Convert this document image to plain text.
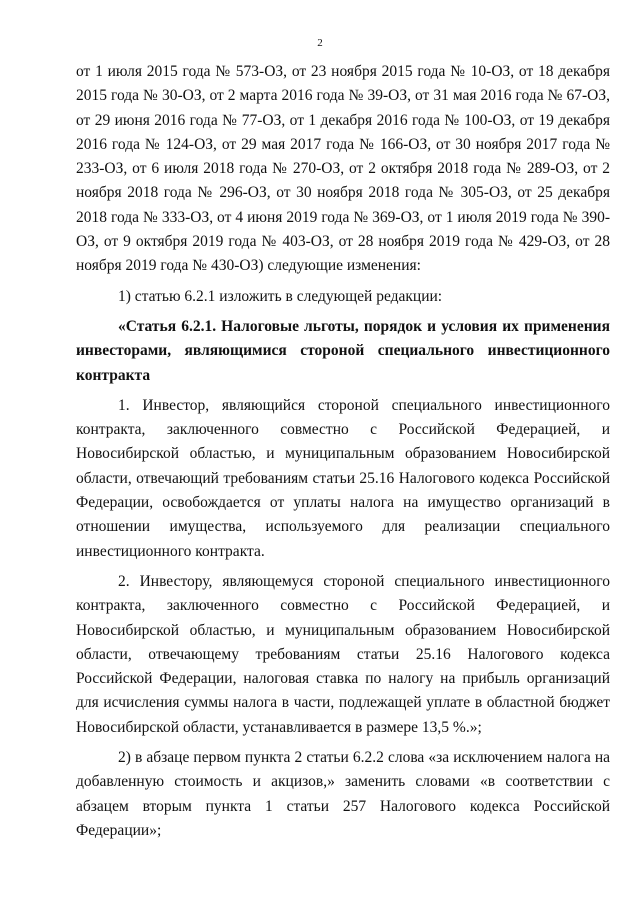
2

от 1 июля 2015 года № 573-ОЗ, от 23 ноября 2015 года № 10-ОЗ, от 18 декабря 2015 года № 30-ОЗ, от 2 марта 2016 года № 39-ОЗ, от 31 мая 2016 года № 67-ОЗ, от 29 июня 2016 года № 77-ОЗ, от 1 декабря 2016 года № 100-ОЗ, от 19 декабря 2016 года № 124-ОЗ, от 29 мая 2017 года № 166-ОЗ, от 30 ноября 2017 года № 233-ОЗ, от 6 июля 2018 года № 270-ОЗ, от 2 октября 2018 года № 289-ОЗ, от 2 ноября 2018 года № 296-ОЗ, от 30 ноября 2018 года № 305-ОЗ, от 25 декабря 2018 года № 333-ОЗ, от 4 июня 2019 года № 369-ОЗ, от 1 июля 2019 года № 390-ОЗ, от 9 октября 2019 года № 403-ОЗ, от 28 ноября 2019 года № 429-ОЗ, от 28 ноября 2019 года № 430-ОЗ) следующие изменения:

1) статью 6.2.1 изложить в следующей редакции:

«Статья 6.2.1. Налоговые льготы, порядок и условия их применения инвесторами, являющимися стороной специального инвестиционного контракта

1. Инвестор, являющийся стороной специального инвестиционного контракта, заключенного совместно с Российской Федерацией, и Новосибирской областью, и муниципальным образованием Новосибирской области, отвечающий требованиям статьи 25.16 Налогового кодекса Российской Федерации, освобождается от уплаты налога на имущество организаций в отношении имущества, используемого для реализации специального инвестиционного контракта.

2. Инвестору, являющемуся стороной специального инвестиционного контракта, заключенного совместно с Российской Федерацией, и Новосибирской областью, и муниципальным образованием Новосибирской области, отвечающему требованиям статьи 25.16 Налогового кодекса Российской Федерации, налоговая ставка по налогу на прибыль организаций для исчисления суммы налога в части, подлежащей уплате в областной бюджет Новосибирской области, устанавливается в размере 13,5 %.»;

2) в абзаце первом пункта 2 статьи 6.2.2 слова «за исключением налога на добавленную стоимость и акцизов,» заменить словами «в соответствии с абзацем вторым пункта 1 статьи 257 Налогового кодекса Российской Федерации»;
